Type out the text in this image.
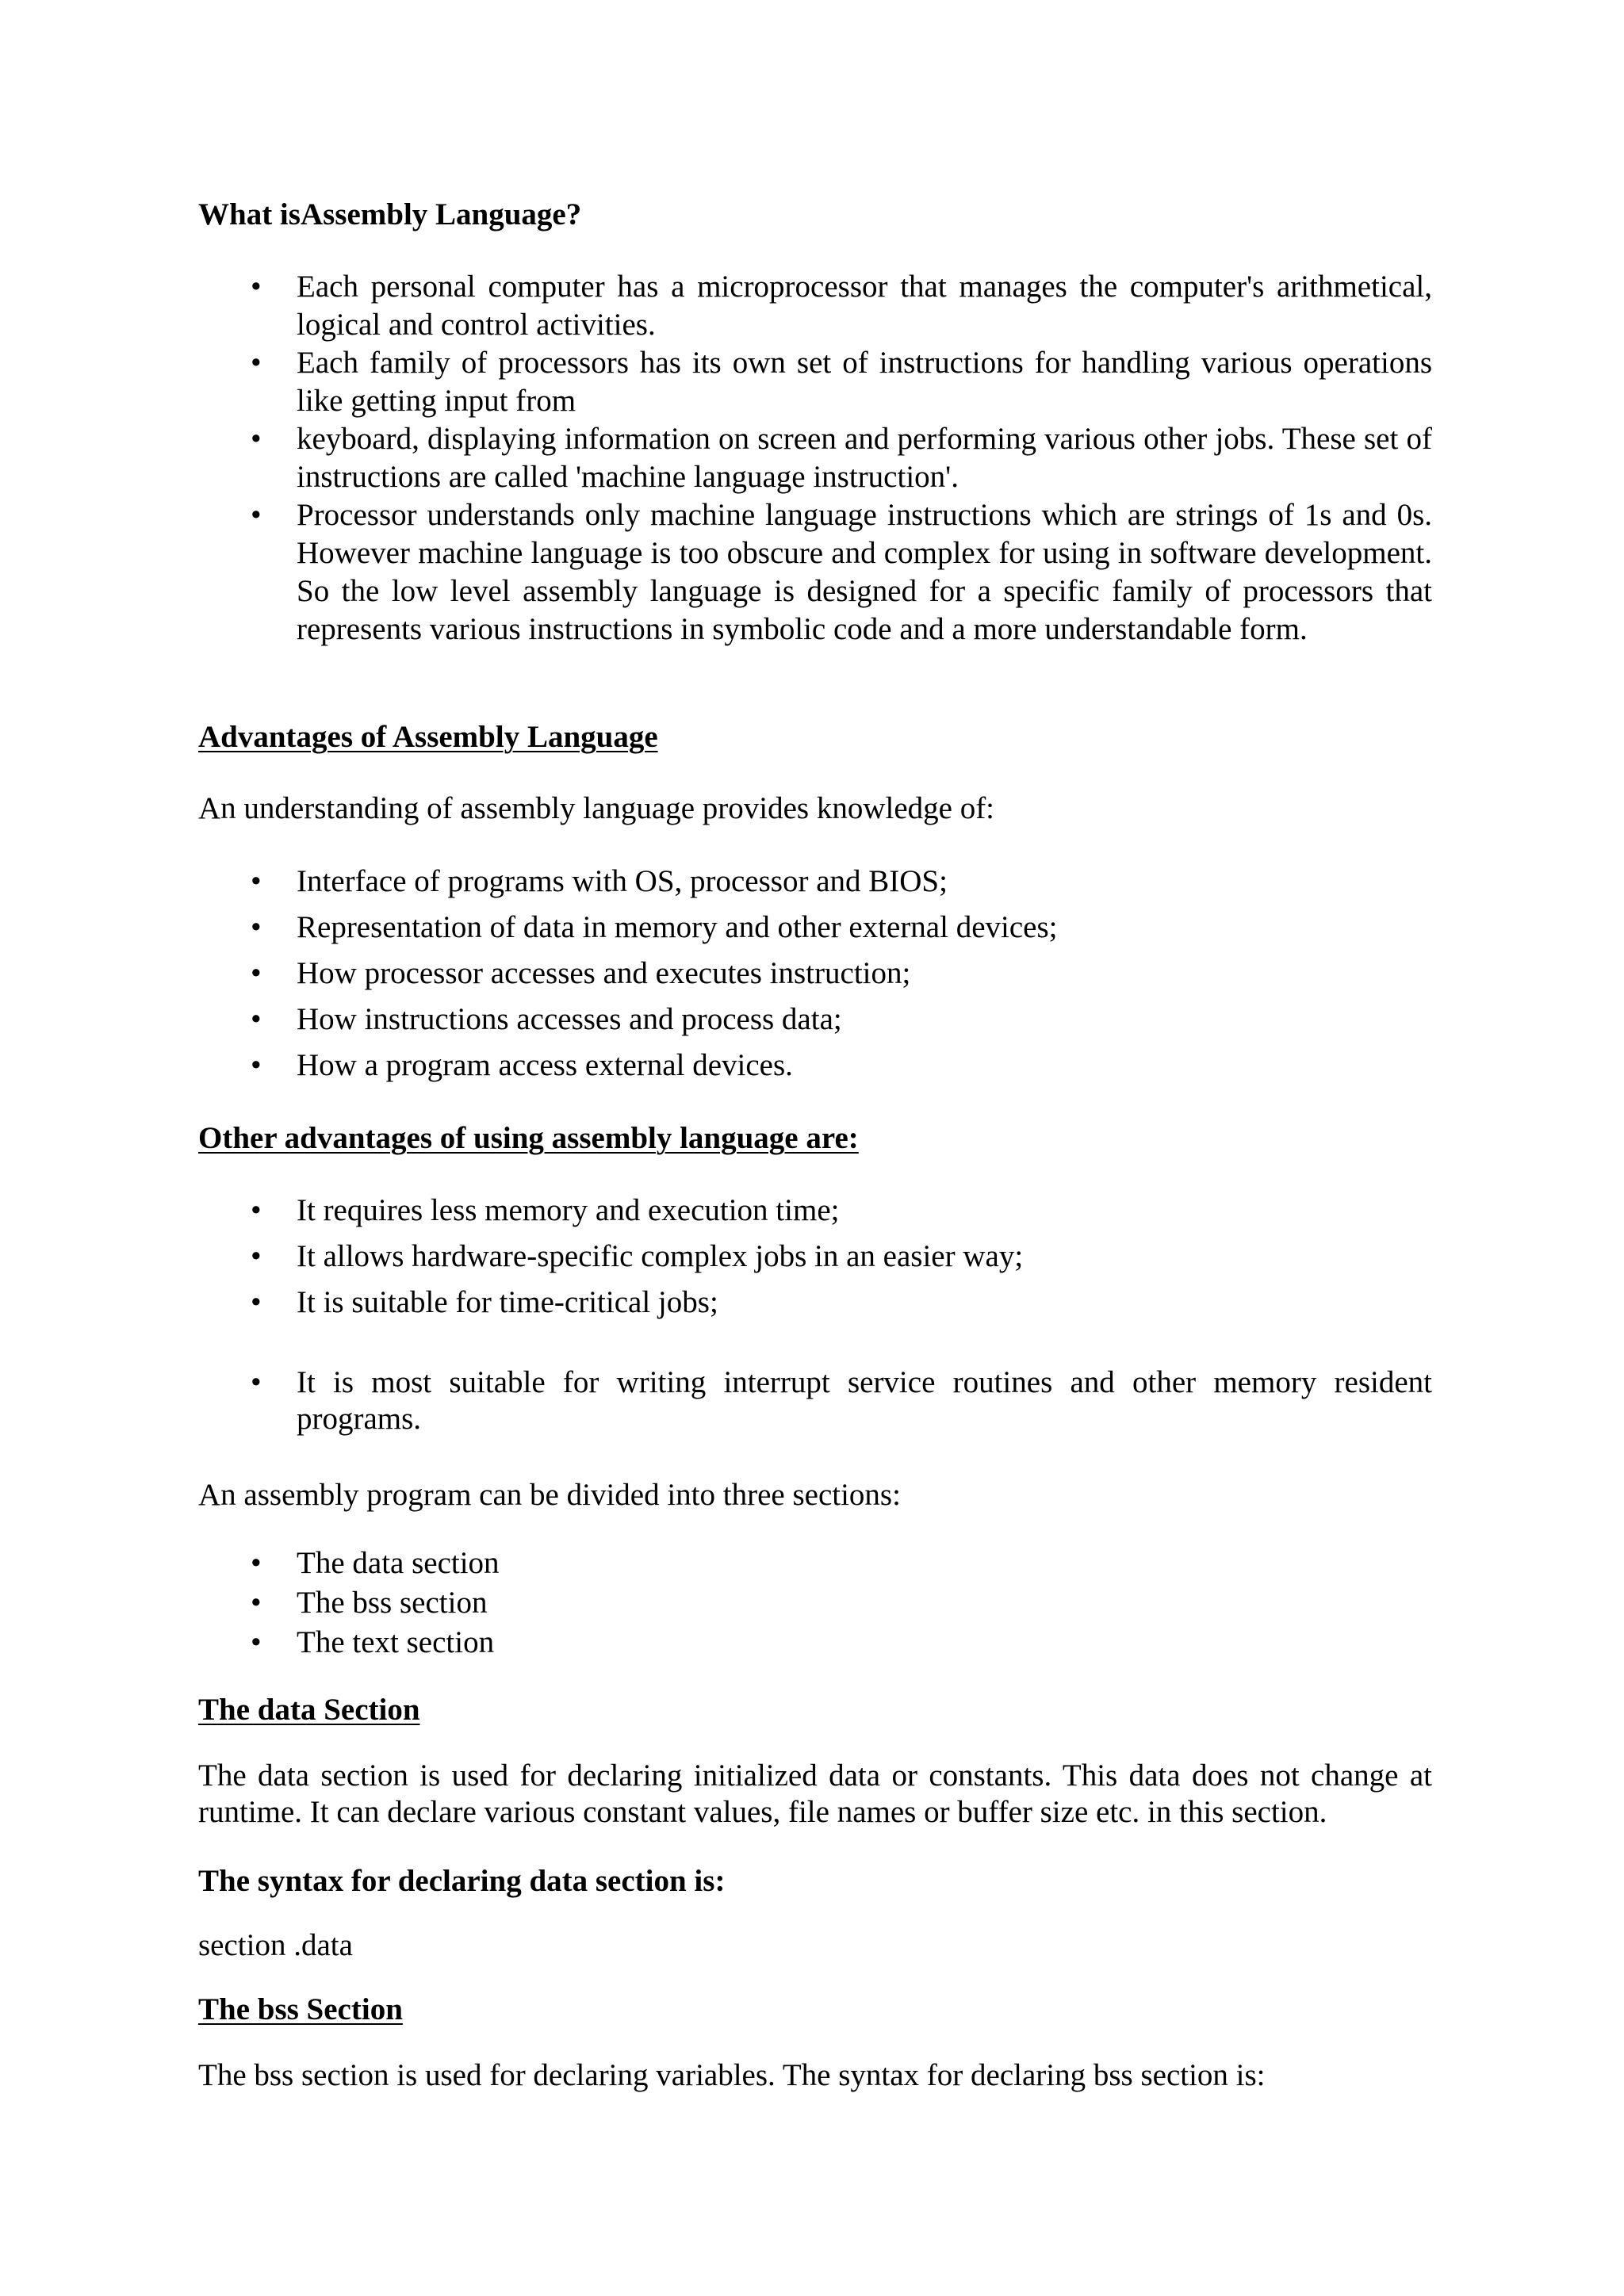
What isAssembly Language?

• Each personal computer has a microprocessor that manages the computer's arithmetical, logical and control activities.
• Each family of processors has its own set of instructions for handling various operations like getting input from
• keyboard, displaying information on screen and performing various other jobs. These set of instructions are called 'machine language instruction'.
• Processor understands only machine language instructions which are strings of 1s and 0s. However machine language is too obscure and complex for using in software development. So the low level assembly language is designed for a specific family of processors that represents various instructions in symbolic code and a more understandable form.

Advantages of Assembly Language

An understanding of assembly language provides knowledge of:

• Interface of programs with OS, processor and BIOS;
• Representation of data in memory and other external devices;
• How processor accesses and executes instruction;
• How instructions accesses and process data;
• How a program access external devices.

Other advantages of using assembly language are:

• It requires less memory and execution time;
• It allows hardware-specific complex jobs in an easier way;
• It is suitable for time-critical jobs;
• It is most suitable for writing interrupt service routines and other memory resident programs.

An assembly program can be divided into three sections:

• The data section
• The bss section
• The text section

The data Section

The data section is used for declaring initialized data or constants. This data does not change at runtime. It can declare various constant values, file names or buffer size etc. in this section.

The syntax for declaring data section is:

section .data

The bss Section

The bss section is used for declaring variables. The syntax for declaring bss section is:
